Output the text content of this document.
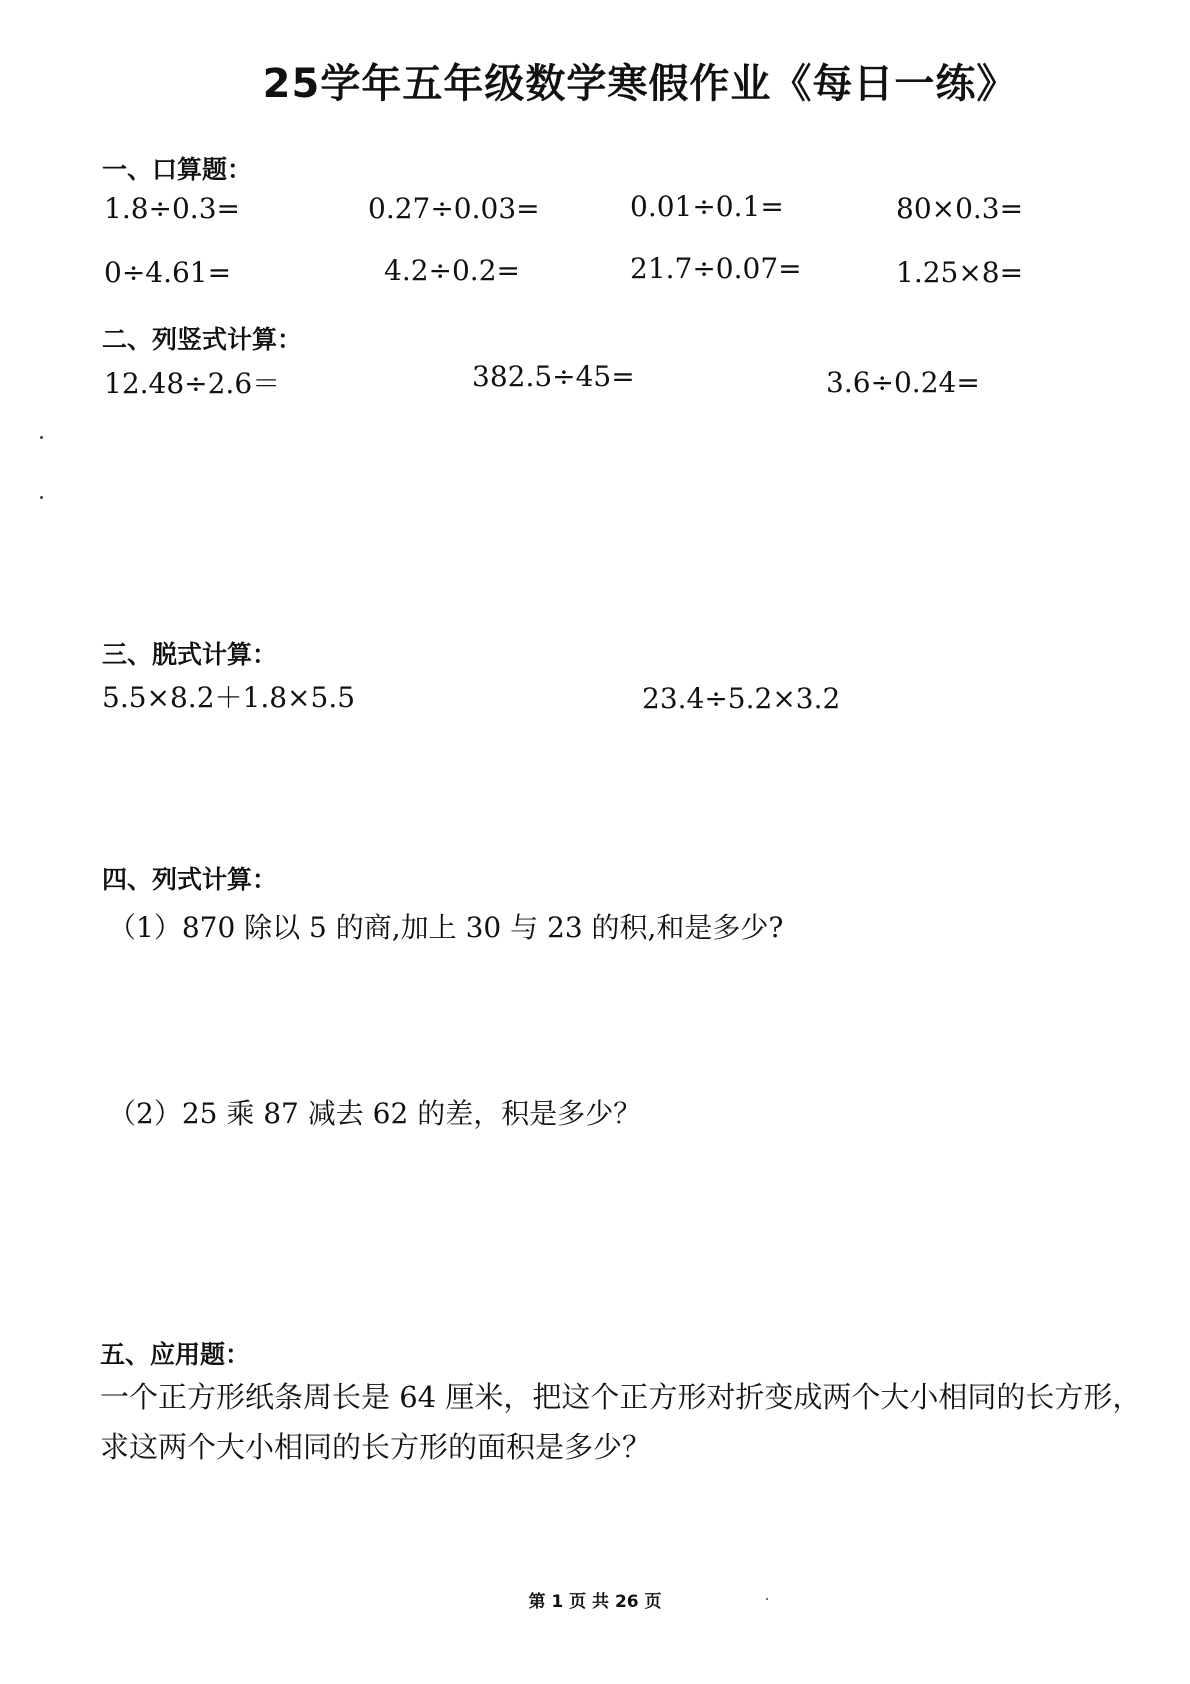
25学年五年级数学寒假作业《每日一练》
一、口算题：
1.8÷0.3=	0.27÷0.03=	0.01÷0.1=	80×0.3=
0÷4.61=	4.2÷0.2=	21.7÷0.07=	1.25×8=
二、列竖式计算：
12.48÷2.6＝	382.5÷45=	3.6÷0.24=
三、脱式计算：
5.5×8.2＋1.8×5.5	23.4÷5.2×3.2
四、列式计算：
（1）870 除以 5 的商,加上 30 与 23 的积,和是多少?
（2）25 乘 87 减去 62 的差，积是多少？
五、应用题：
一个正方形纸条周长是 64 厘米，把这个正方形对折变成两个大小相同的长方形，求这两个大小相同的长方形的面积是多少？
第 1 页 共 26 页
